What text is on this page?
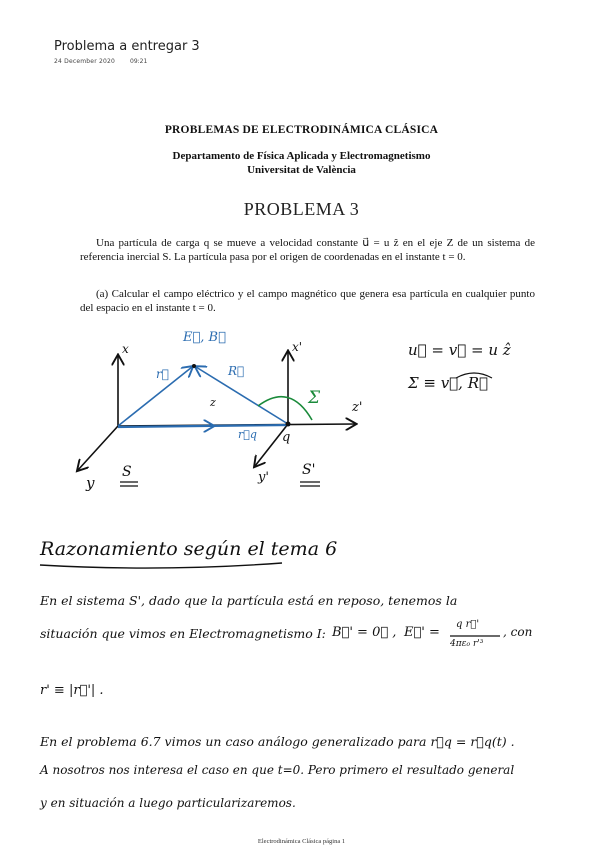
Problema a entregar 3
24 December 2020 09:21
PROBLEMAS DE ELECTRODINÁMICA CLÁSICA
Departamento de Física Aplicada y Electromagnetismo
Universitat de València
PROBLEMA 3
Una partícula de carga q se mueve a velocidad constante u⃗ = u ẑ en el eje Z de un sistema de referencia inercial S. La partícula pasa por el origen de coordenadas en el instante t = 0.
(a) Calcular el campo eléctrico y el campo magnético que genera esa partícula en cualquier punto del espacio en el instante t = 0.
x	x'
y	y'
z	z'
E⃗, B⃗
r⃗	R⃗
r⃗q
Σ
q
S	S'
u⃗ = v⃗ = u ẑ
Σ ≡ v⃗, R⃗
Razonamiento según el tema 6
En el sistema S', dado que la partícula está en reposo, tenemos la
situación que vimos en Electromagnetismo I: B⃗' = 0⃗ , E⃗' =
q r⃗'
4πε₀ r'³
, con
r' ≡ |r⃗'| .
En el problema 6.7 vimos un caso análogo generalizado para r⃗q = r⃗q(t) .
A nosotros nos interesa el caso en que t=0. Pero primero el resultado general
y en situación a luego particularizaremos.
Electrodinámica Clásica página 1
